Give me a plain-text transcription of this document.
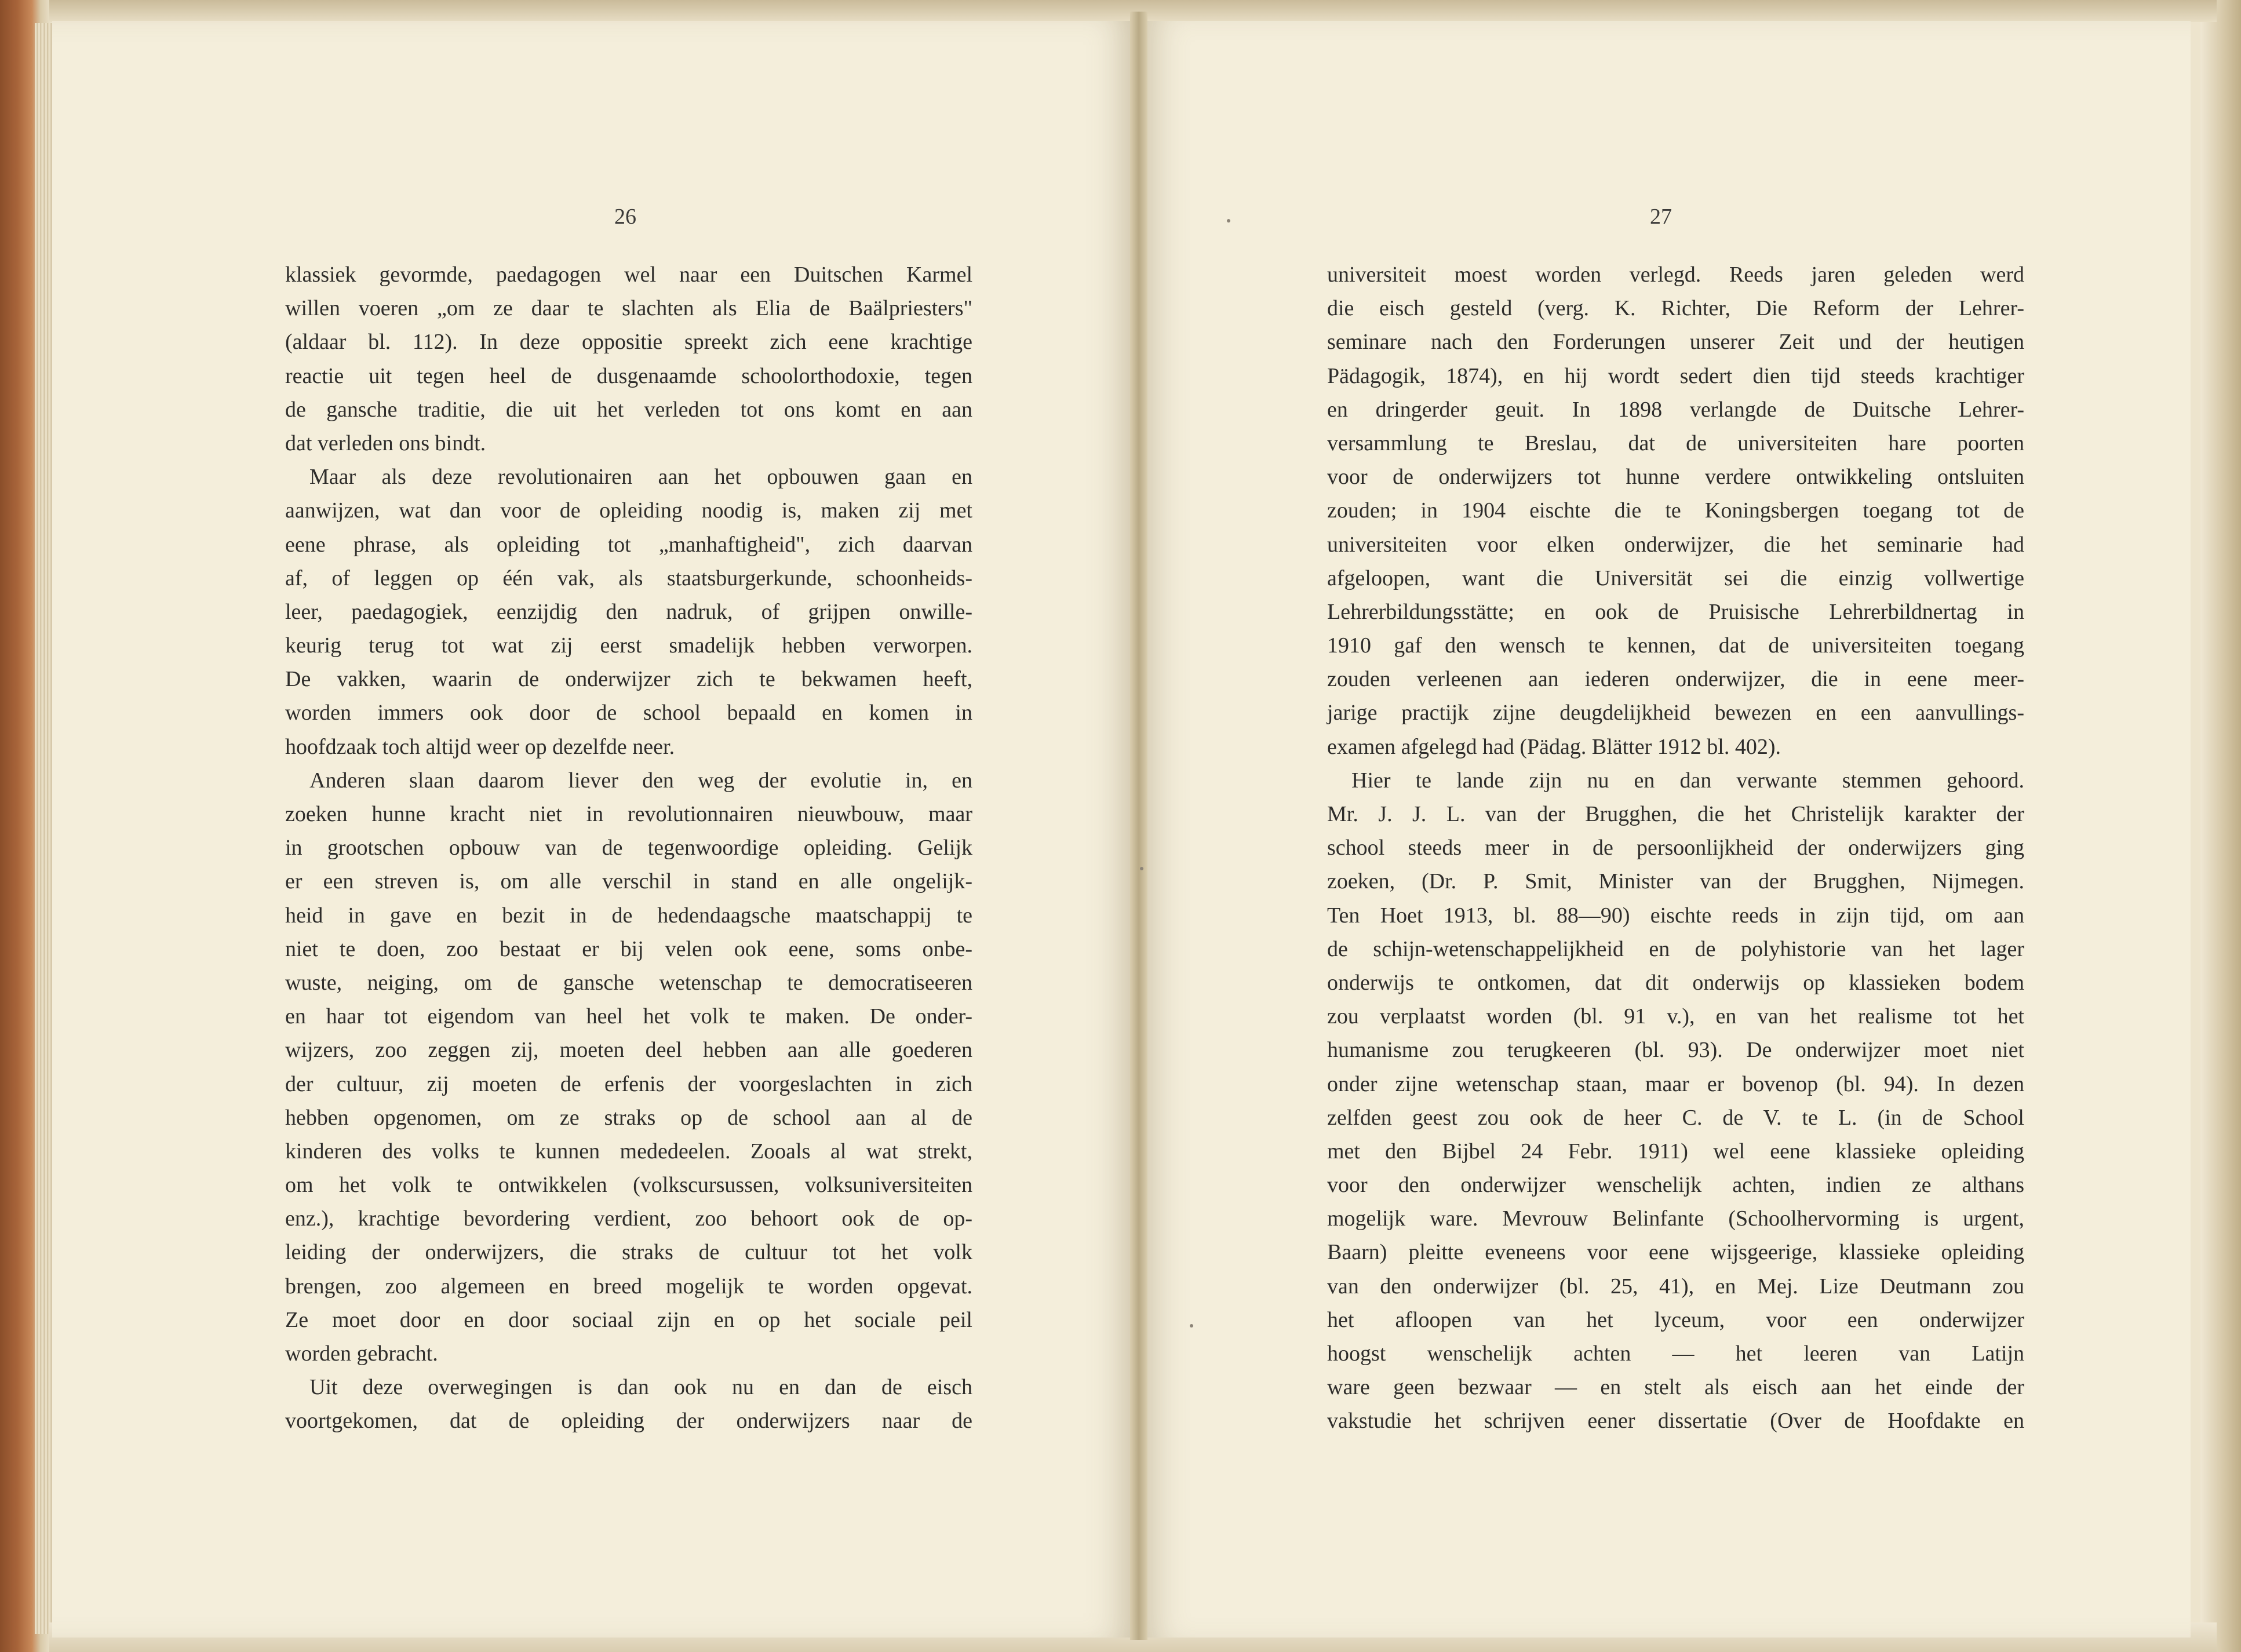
26	27
klassiek gevormde, paedagogen wel naar een Duitschen Karmel
willen voeren „om ze daar te slachten als Elia de Baälpriesters"
(aldaar bl. 112). In deze oppositie spreekt zich eene krachtige
reactie uit tegen heel de dusgenaamde schoolorthodoxie, tegen
de gansche traditie, die uit het verleden tot ons komt en aan
dat verleden ons bindt.
Maar als deze revolutionairen aan het opbouwen gaan en
aanwijzen, wat dan voor de opleiding noodig is, maken zij met
eene phrase, als opleiding tot „manhaftigheid", zich daarvan
af, of leggen op één vak, als staatsburgerkunde, schoonheids-
leer, paedagogiek, eenzijdig den nadruk, of grijpen onwille-
keurig terug tot wat zij eerst smadelijk hebben verworpen.
De vakken, waarin de onderwijzer zich te bekwamen heeft,
worden immers ook door de school bepaald en komen in
hoofdzaak toch altijd weer op dezelfde neer.
Anderen slaan daarom liever den weg der evolutie in, en
zoeken hunne kracht niet in revolutionnairen nieuwbouw, maar
in grootschen opbouw van de tegenwoordige opleiding. Gelijk
er een streven is, om alle verschil in stand en alle ongelijk-
heid in gave en bezit in de hedendaagsche maatschappij te
niet te doen, zoo bestaat er bij velen ook eene, soms onbe-
wuste, neiging, om de gansche wetenschap te democratiseeren
en haar tot eigendom van heel het volk te maken. De onder-
wijzers, zoo zeggen zij, moeten deel hebben aan alle goederen
der cultuur, zij moeten de erfenis der voorgeslachten in zich
hebben opgenomen, om ze straks op de school aan al de
kinderen des volks te kunnen mededeelen. Zooals al wat strekt,
om het volk te ontwikkelen (volkscursussen, volksuniversiteiten
enz.), krachtige bevordering verdient, zoo behoort ook de op-
leiding der onderwijzers, die straks de cultuur tot het volk
brengen, zoo algemeen en breed mogelijk te worden opgevat.
Ze moet door en door sociaal zijn en op het sociale peil
worden gebracht.
Uit deze overwegingen is dan ook nu en dan de eisch
voortgekomen, dat de opleiding der onderwijzers naar de
universiteit moest worden verlegd. Reeds jaren geleden werd
die eisch gesteld (verg. K. Richter, Die Reform der Lehrer-
seminare nach den Forderungen unserer Zeit und der heutigen
Pädagogik, 1874), en hij wordt sedert dien tijd steeds krachtiger
en dringerder geuit. In 1898 verlangde de Duitsche Lehrer-
versammlung te Breslau, dat de universiteiten hare poorten
voor de onderwijzers tot hunne verdere ontwikkeling ontsluiten
zouden; in 1904 eischte die te Koningsbergen toegang tot de
universiteiten voor elken onderwijzer, die het seminarie had
afgeloopen, want die Universität sei die einzig vollwertige
Lehrerbildungsstätte; en ook de Pruisische Lehrerbildnertag in
1910 gaf den wensch te kennen, dat de universiteiten toegang
zouden verleenen aan iederen onderwijzer, die in eene meer-
jarige practijk zijne deugdelijkheid bewezen en een aanvullings-
examen afgelegd had (Pädag. Blätter 1912 bl. 402).
Hier te lande zijn nu en dan verwante stemmen gehoord.
Mr. J. J. L. van der Brugghen, die het Christelijk karakter der
school steeds meer in de persoonlijkheid der onderwijzers ging
zoeken, (Dr. P. Smit, Minister van der Brugghen, Nijmegen.
Ten Hoet 1913, bl. 88—90) eischte reeds in zijn tijd, om aan
de schijn-wetenschappelijkheid en de polyhistorie van het lager
onderwijs te ontkomen, dat dit onderwijs op klassieken bodem
zou verplaatst worden (bl. 91 v.), en van het realisme tot het
humanisme zou terugkeeren (bl. 93). De onderwijzer moet niet
onder zijne wetenschap staan, maar er bovenop (bl. 94). In dezen
zelfden geest zou ook de heer C. de V. te L. (in de School
met den Bijbel 24 Febr. 1911) wel eene klassieke opleiding
voor den onderwijzer wenschelijk achten, indien ze althans
mogelijk ware. Mevrouw Belinfante (Schoolhervorming is urgent,
Baarn) pleitte eveneens voor eene wijsgeerige, klassieke opleiding
van den onderwijzer (bl. 25, 41), en Mej. Lize Deutmann zou
het afloopen van het lyceum, voor een onderwijzer
hoogst wenschelijk achten — het leeren van Latijn
ware geen bezwaar — en stelt als eisch aan het einde der
vakstudie het schrijven eener dissertatie (Over de Hoofdakte en
